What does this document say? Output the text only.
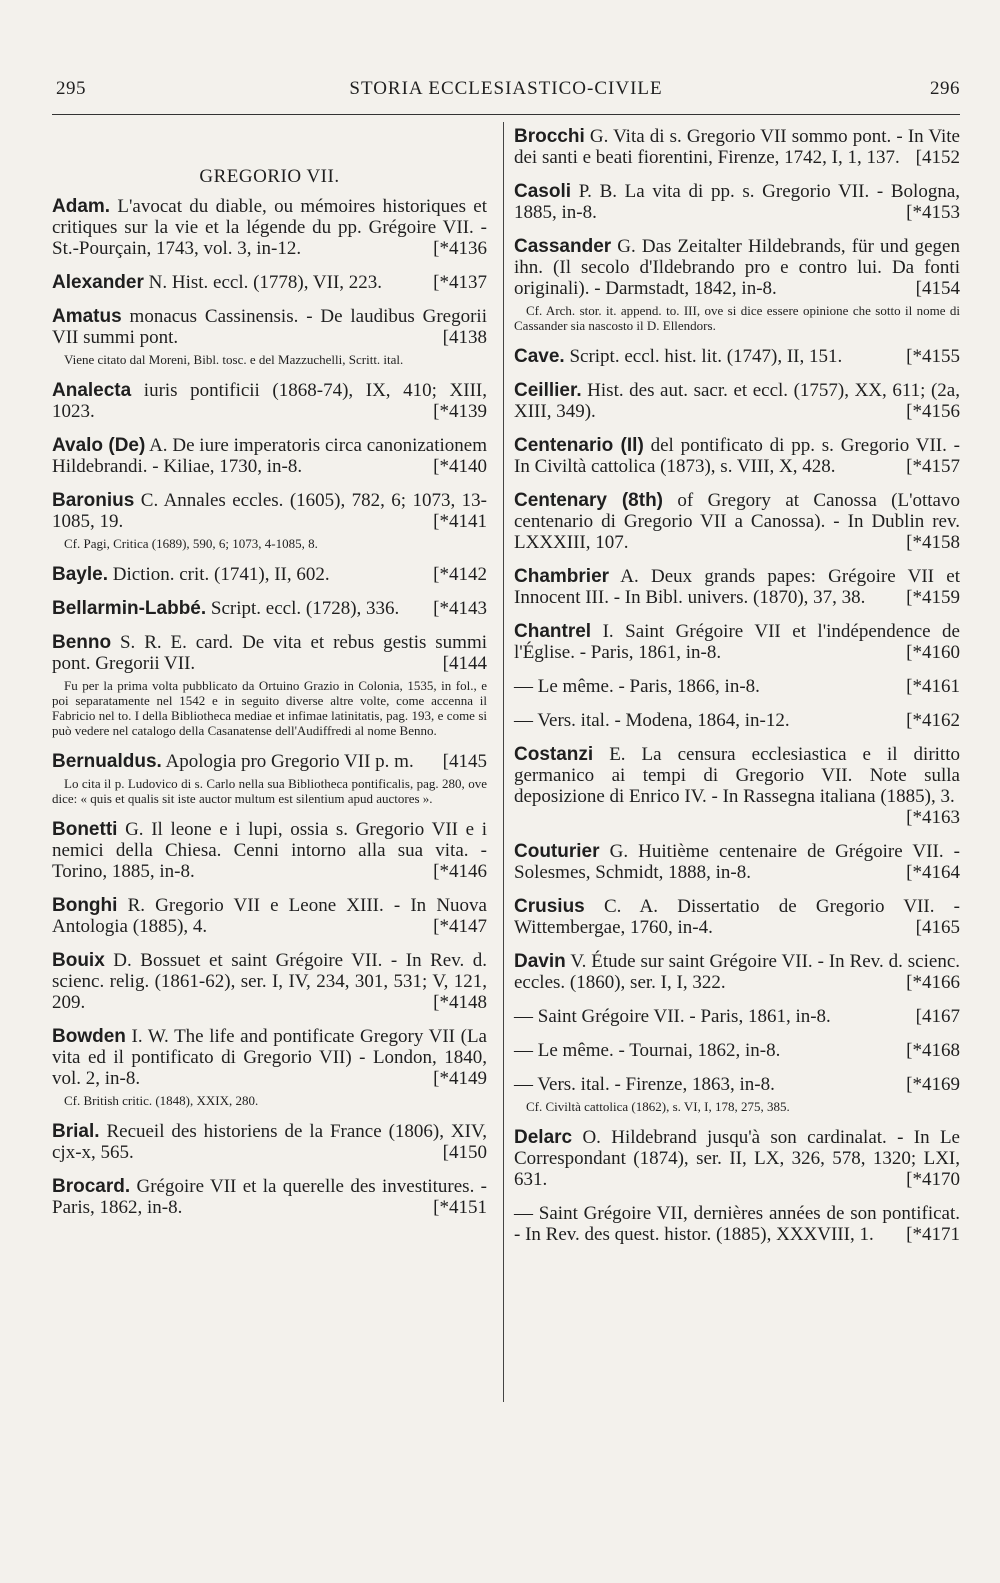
295	STORIA ECCLESIASTICO-CIVILE	296
GREGORIO VII.
Adam. L'avocat du diable, ou mémoires historiques et critiques sur la vie et la légende du pp. Grégoire VII. - St.-Pourçain, 1743, vol. 3, in-12.	[*4136
Alexander N. Hist. eccl. (1778), VII, 223.	[*4137
Amatus monacus Cassinensis. - De laudibus Gregorii VII summi pont.	[4138
Viene citato dal Moreni, Bibl. tosc. e del Mazzuchelli, Scritt. ital.
Analecta iuris pontificii (1868-74), IX, 410; XIII, 1023.	[*4139
Avalo (De) A. De iure imperatoris circa canonizationem Hildebrandi. - Kiliae, 1730, in-8.	[*4140
Baronius C. Annales eccles. (1605), 782, 6; 1073, 13-1085, 19.	[*4141
Cf. Pagi, Critica (1689), 590, 6; 1073, 4-1085, 8.
Bayle. Diction. crit. (1741), II, 602.	[*4142
Bellarmin-Labbé. Script. eccl. (1728), 336. [*4143
Benno S. R. E. card. De vita et rebus gestis summi pont. Gregorii VII.	[4144
Fu per la prima volta pubblicato da Ortuino Grazio in Colonia, 1535, in fol., e poi separatamente nel 1542 e in seguito diverse altre volte, come accenna il Fabricio nel to. I della Bibliotheca mediae et infimae latinitatis, pag. 193, e come si può vedere nel catalogo della Casanatense dell'Audiffredi al nome Benno.
Bernualdus. Apologia pro Gregorio VII p. m. [4145
Lo cita il p. Ludovico di s. Carlo nella sua Bibliotheca pontificalis, pag. 280, ove dice: « quis et qualis sit iste auctor multum est silentium apud auctores ».
Bonetti G. Il leone e i lupi, ossia s. Gregorio VII e i nemici della Chiesa. Cenni intorno alla sua vita. - Torino, 1885, in-8.	[*4146
Bonghi R. Gregorio VII e Leone XIII. - In Nuova Antologia (1885), 4.	[*4147
Bouix D. Bossuet et saint Grégoire VII. - In Rev. d. scienc. relig. (1861-62), ser. I, IV, 234, 301, 531; V, 121, 209.	[*4148
Bowden I. W. The life and pontificate Gregory VII (La vita ed il pontificato di Gregorio VII) - London, 1840, vol. 2, in-8.	[*4149
Cf. British critic. (1848), XXIX, 280.
Brial. Recueil des historiens de la France (1806), XIV, cjx-x, 565.	[4150
Brocard. Grégoire VII et la querelle des investitures. - Paris, 1862, in-8.	[*4151
Brocchi G. Vita di s. Gregorio VII sommo pont. - In Vite dei santi e beati fiorentini, Firenze, 1742, I, 1, 137. [4152
Casoli P. B. La vita di pp. s. Gregorio VII. - Bologna, 1885, in-8.	[*4153
Cassander G. Das Zeitalter Hildebrands, für und gegen ihn. (Il secolo d'Ildebrando pro e contro lui. Da fonti originali). - Darmstadt, 1842, in-8.	[4154
Cf. Arch. stor. it. append. to. III, ove si dice essere opinione che sotto il nome di Cassander sia nascosto il D. Ellendors.
Cave. Script. eccl. hist. lit. (1747), II, 151.	[*4155
Ceillier. Hist. des aut. sacr. et eccl. (1757), XX, 611; (2a, XIII, 349).	[*4156
Centenario (Il) del pontificato di pp. s. Gregorio VII. - In Civiltà cattolica (1873), s. VIII, X, 428.	[*4157
Centenary (8th) of Gregory at Canossa (L'ottavo centenario di Gregorio VII a Canossa). - In Dublin rev. LXXXIII, 107.	[*4158
Chambrier A. Deux grands papes: Grégoire VII et Innocent III. - In Bibl. univers. (1870), 37, 38. [*4159
Chantrel I. Saint Grégoire VII et l'indépendence de l'Église. - Paris, 1861, in-8.	[*4160
— Le même. - Paris, 1866, in-8.	[*4161
— Vers. ital. - Modena, 1864, in-12.	[*4162
Costanzi E. La censura ecclesiastica e il diritto germanico ai tempi di Gregorio VII. Note sulla deposizione di Enrico IV. - In Rassegna italiana (1885), 3.
[*4163
Couturier G. Huitième centenaire de Grégoire VII. - Solesmes, Schmidt, 1888, in-8.	[*4164
Crusius C. A. Dissertatio de Gregorio VII. - Wittembergae, 1760, in-4.	[4165
Davin V. Étude sur saint Grégoire VII. - In Rev. d. scienc. eccles. (1860), ser. I, I, 322.	[*4166
— Saint Grégoire VII. - Paris, 1861, in-8.	[4167
— Le même. - Tournai, 1862, in-8.	[*4168
— Vers. ital. - Firenze, 1863, in-8.	[*4169
Cf. Civiltà cattolica (1862), s. VI, I, 178, 275, 385.
Delarc O. Hildebrand jusqu'à son cardinalat. - In Le Correspondant (1874), ser. II, LX, 326, 578, 1320; LXI, 631.	[*4170
— Saint Grégoire VII, dernières années de son pontificat. - In Rev. des quest. histor. (1885), XXXVIII, 1. [*4171
